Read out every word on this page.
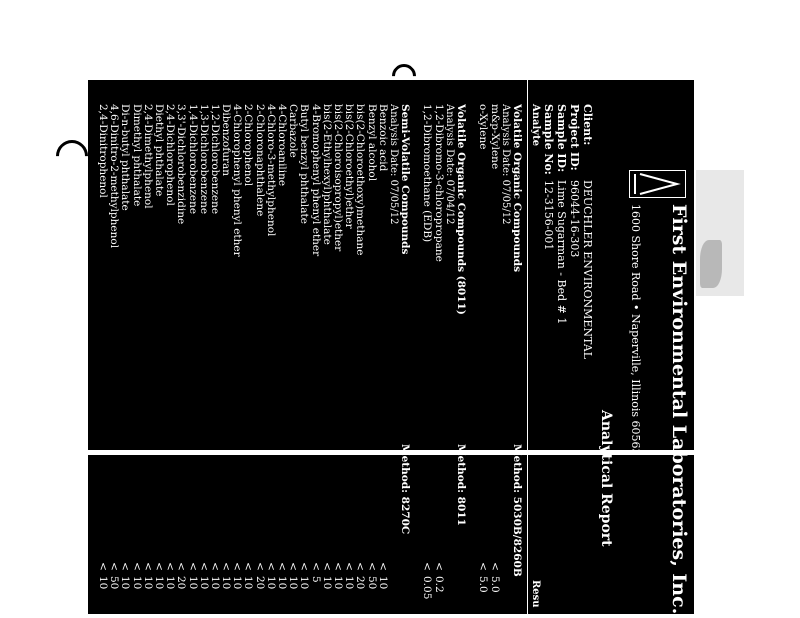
First Environmental Laboratories, Inc.
1600 Shore Road • Naperville, Illinois 60563
Analytical Report
Client:DEUCHLER ENVIRONMENTAL
Project ID:96044-16-303
Sample ID:Lime Sugarman - Bed # 1
Sample No:12-3156-001
Analyte
Resu
Volatile Organic Compounds
Method: 5030B/8260B
Analysis Date: 07/05/12
m&p-Xylene
<
5.0
o-Xylene
<
5.0
Volatile Organic Compounds (8011)
Method: 8011
Analysis Date: 07/04/12
1,2-Dibromo-3-chloropropane
<
0.2
1,2-Dibromoethane (EDB)
<
0.05
Semi-Volatile Compounds
Method: 8270C
Analysis Date: 07/05/12
Benzoic acid
<
10
Benzyl alcohol
<
50
bis(2-Chloroethoxy)methane
<
20
bis(2-Chloroethyl)ether
<
10
bis(2-Chloroisopropyl)ether
<
10
bis(2-Ethylhexyl)phthalate
<
10
4-Bromophenyl phenyl ether
<
5
Butyl benzyl phthalate
<
10
Carbazole
<
10
4-Chloroaniline
<
10
4-Chloro-3-methylphenol
<
10
2-Chloronaphthalene
<
20
2-Chlorophenol
<
10
4-Chlorophenyl phenyl ether
<
10
Dibenzofuran
<
10
1,2-Dichlorobenzene
<
10
1,3-Dichlorobenzene
<
10
1,4-Dichlorobenzene
<
10
3,3'-Dichlorobenzidine
<
20
2,4-Dichlorophenol
<
10
Diethyl phthalate
<
10
2,4-Dimethylphenol
<
10
Dimethyl phthalate
<
10
Di-n-butyl phthalate
<
10
4,6-Dinitro-2-methylphenol
<
50
2,4-Dinitrophenol
<
10
